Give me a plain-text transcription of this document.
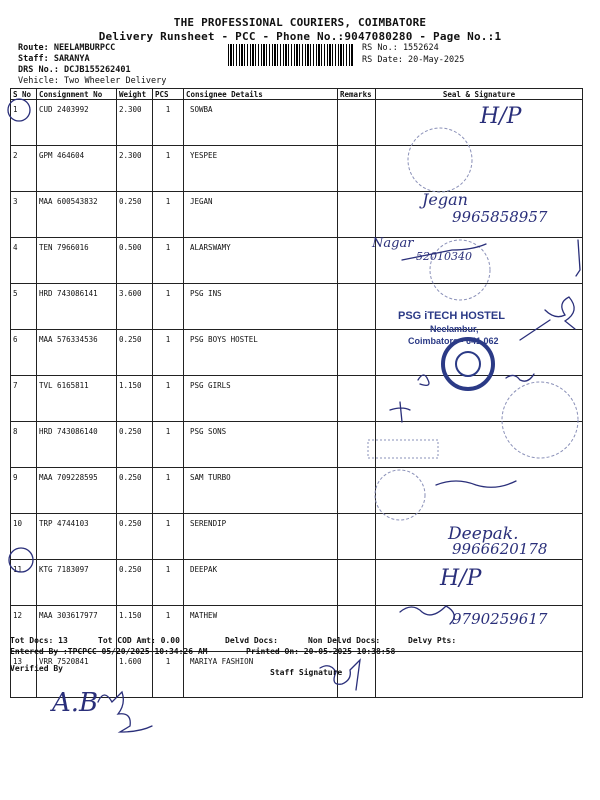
THE PROFESSIONAL COURIERS, COIMBATORE
Delivery Runsheet - PCC - Phone No.:9047080280 - Page No.:1
Route: NEELAMBURPCC
Staff: SARANYA
DRS No.: DCJB155262401
Vehicle: Two Wheeler Delivery
RS No.: 1552624
RS Date: 20-May-2025
S No	Consignment No	Weight	PCS	Consignee Details	Remarks	Seal & Signature
1	CUD 2403992	2.300	1	SOWBA		
2	GPM 464604	2.300	1	YESPEE		
3	MAA 600543832	0.250	1	JEGAN		
4	TEN 7966016	0.500	1	ALARSWAMY		
5	HRD 743086141	3.600	1	PSG INS		
6	MAA 576334536	0.250	1	PSG BOYS HOSTEL		
7	TVL 6165811	1.150	1	PSG GIRLS		
8	HRD 743086140	0.250	1	PSG SONS		
9	MAA 709228595	0.250	1	SAM TURBO		
10	TRP 4744103	0.250	1	SERENDIP		
11	KTG 7183097	0.250	1	DEEPAK		
12	MAA 303617977	1.150	1	MATHEW		
13	VRR 7520841	1.600	1	MARIYA FASHION		
H/P
Jegan
9965858957
Nagar
52010340
Deepak.
9966620178
H/P
9790259617
A.B
PSG iTECH HOSTEL
Neelambur,
Coimbatore - 641 062
Tot Docs: 13	Tot COD Amt: 0.00	Delvd Docs:	Non Delvd Docs:	Delvy Pts:
Entered By :TPCPCC 05/20/2025 10:34:26 AM	Printed On: 20-05-2025 10:38:58
Verified By	Staff Signature
